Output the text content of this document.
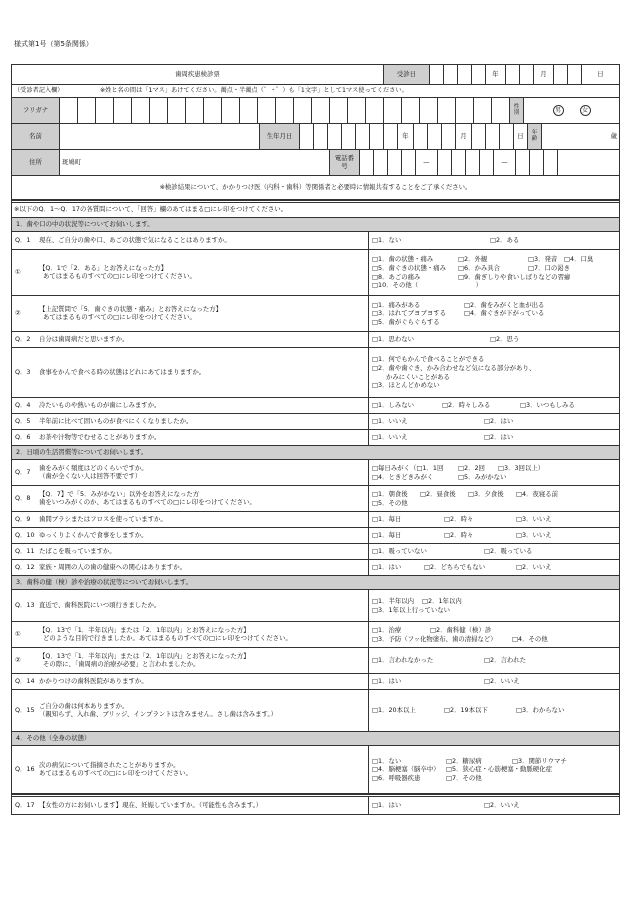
様式第1号（第5条関係）
歯周疾患検診票	受診日	年	月	日
（受診者記入欄）	※姓と名の間は「1マス」あけてください。濁点・半濁点（゛・゜）も「1文字」として1マス使ってください。
フリガナ	性別	男	女
名前	生年月日	年	月	日	年齢	歳
住所	斑鳩町	電話番号	—	—
※検診結果について、かかりつけ医（内科・歯科）等関係者と必要時に情報共有することをご了承ください。
※以下のQ．1～Q．17の各質問について、「回答」欄のあてはまる□にレ印をつけてください。
1．歯や口の中の状況等についてお伺いします。
Q．1	現在、ご自分の歯や口、あごの状態で気になることはありますか。	□1．ない	□2．ある
①	【Q．1で「2．ある」とお答えになった方】
あてはまるものすべての□にレ印をつけてください。
□1．歯の状態・痛み	□2．外観	□3．発音	□4．口臭
□5．歯ぐきの状態・痛み	□6．かみ具合	□7．口の渇き
□8．あごの痛み	□9．歯ぎしりや食いしばりなどの習癖
□10．その他（　　　　　　　　　）
②	【上記質問で「5．歯ぐきの状態・痛み」とお答えになった方】
あてはまるものすべての□にレ印をつけてください。
□1．痛みがある	□2．歯をみがくと血が出る
□3．はれてブヨブヨする	□4．歯ぐきが下がっている
□5．歯がぐらぐらする
Q．2	自分は歯周病だと思いますか。	□1．思わない	□2．思う
Q．3	食事をかんで食べる時の状態はどれにあてはまりますか。
□1．何でもかんで食べることができる
□2．歯や歯ぐき、かみ合わせなど気になる部分があり、
かみにくいことがある
□3．ほとんどかめない
Q．4	冷たいものや熱いものが歯にしみますか。	□1．しみない	□2．時々しみる	□3．いつもしみる
Q．5	半年前に比べて固いものが食べにくくなりましたか。	□1．いいえ	□2．はい
Q．6	お茶や汁物等でむせることがありますか。	□1．いいえ	□2．はい
2．日頃の生活習慣等についてお伺いします。
Q．7	歯をみがく頻度はどのくらいですか。
（歯が全くない人は回答不要です）
□毎日みがく（□1．1回	□2．2回	□3．3回以上）
□4．ときどきみがく	□5．みがかない
Q．8	【Q．7】で「5．みがかない」以外をお答えになった方
歯をいつみがくのか、あてはまるものすべての□にレ印をつけてください。
□1．朝食後	□2．昼食後	□3．夕食後	□4．夜寝る前
□5．その他
Q．9	歯間ブラシまたはフロスを使っていますか。	□1．毎日	□2．時々	□3．いいえ
Q．10 ゆっくりよくかんで食事をしますか。	□1．毎日	□2．時々	□3．いいえ
Q．11 たばこを吸っていますか。	□1．吸っていない	□2．吸っている
Q．12 家族・周囲の人の歯の健康への関心はありますか。	□1．はい	□2．どちらでもない	□2．いいえ
3．歯科の健（検）診や治療の状況等についてお伺いします。
Q．13 直近で、歯科医院にいつ頃行きましたか。	□1．半年以内	□2．1年以内
□3．1年以上行っていない
①	【Q．13で「1．半年以内」または「2．1年以内」とお答えになった方】
どのような目的で行きましたか。あてはまるものすべての□にレ印をつけてください。
□1．治療	□2．歯科健（検）診
□3．予防（フッ化物塗布、歯の清掃など）	□4．その他
②	【Q．13で「1．半年以内」または「2．1年以内」とお答えになった方】
その際に、「歯周病の治療が必要」と言われましたか。	□1．言われなかった	□2．言われた
Q．14 かかりつけの歯科医院がありますか。	□1．はい	□2．いいえ
Q．15 ご自分の歯は何本ありますか。
（親知らず、入れ歯、ブリッジ、インプラントは含みません。さし歯は含みます。）	□1．20本以上	□2．19本以下	□3．わからない
4．その他（全身の状態）
Q．16 次の病気について指摘されたことがありますか。
あてはまるものすべての□にレ印をつけてください。
□1．ない	□2．糖尿病	□3．関節リウマチ
□4．脳梗塞（脳卒中） □5．狭心症・心筋梗塞・動脈硬化症
□6．呼吸器疾患	□7．その他
Q．17 【女性の方にお伺いします】現在、妊娠していますか。（可能性も含みます。）	□1．はい	□2．いいえ
